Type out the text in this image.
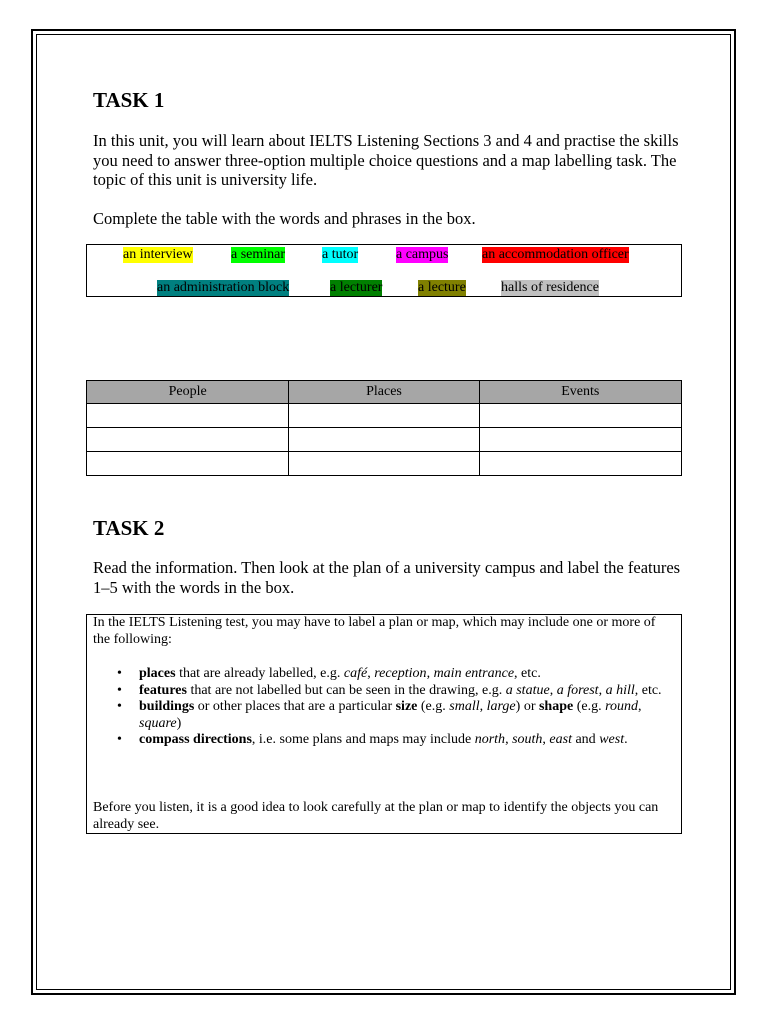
TASK 1

In this unit, you will learn about IELTS Listening Sections 3 and 4 and practise the skills you need to answer three-option multiple choice questions and a map labelling task. The topic of this unit is university life.

Complete the table with the words and phrases in the box.

an interview	a seminar	a tutor	a campus an accommodation officer
an administration block	a lecturer	a lecture	halls of residence
People	Places	Events

TASK 2

Read the information. Then look at the plan of a university campus and label the features 1–5 with the words in the box.

In the IELTS Listening test, you may have to label a plan or map, which may include one or more of the following:

• places that are already labelled, e.g. café, reception, main entrance, etc.
• features that are not labelled but can be seen in the drawing, e.g. a statue, a forest, a hill, etc.
• buildings or other places that are a particular size (e.g. small, large) or shape (e.g. round, square)
• compass directions, i.e. some plans and maps may include north, south, east and west.

Before you listen, it is a good idea to look carefully at the plan or map to identify the objects you can already see.
